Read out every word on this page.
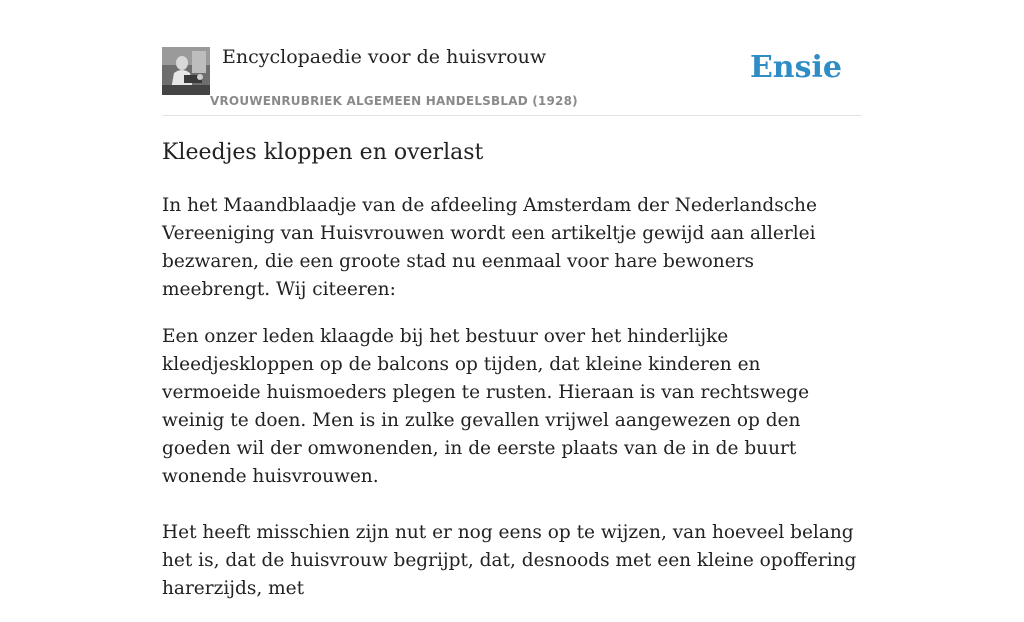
Encyclopaedie voor de huisvrouw
VROUWENRUBRIEK ALGEMEEN HANDELSBLAD (1928)
Ensie
Kleedjes kloppen en overlast

In het Maandblaadje van de afdeeling Amsterdam der Nederlandsche Vereeniging van Huisvrouwen wordt een artikeltje gewijd aan allerlei bezwaren, die een groote stad nu eenmaal voor hare bewoners meebrengt. Wij citeeren:

Een onzer leden klaagde bij het bestuur over het hinderlijke kleedjeskloppen op de balcons op tijden, dat kleine kinderen en vermoeide huismoeders plegen te rusten. Hieraan is van rechtswege weinig te doen. Men is in zulke gevallen vrijwel aangewezen op den goeden wil der omwonenden, in de eerste plaats van de in de buurt wonende huisvrouwen.

Het heeft misschien zijn nut er nog eens op te wijzen, van hoeveel belang het is, dat de huisvrouw begrijpt, dat, desnoods met een kleine opoffering harerzijds, met
